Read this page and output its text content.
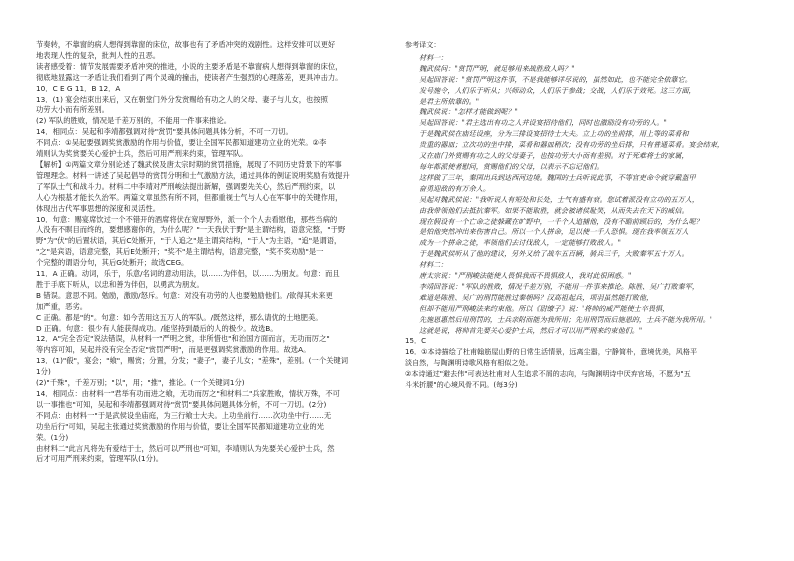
节奏转，不靠窗的病人想得到靠窗的床位，故事也有了矛盾冲突的戏剧性。这样安排可以更好
地表现人性的复杂，批判人性的丑恶。
读者感受着：情节发展需要矛盾冲突的推进，小说的主要矛盾是不靠窗病人想得到靠窗的床位，
彻底地显露这一矛盾让我们看到了两个灵魂的撞击，使读者产生强烈的心理落差，更具冲击力。
10．C E G 11．B 12．A
13．(1) 宴会结束出来后，又在朝堂门外分发赏赐给有功之人的父母、妻子与儿女，也按照
功劳大小而有所差别。
(2) 军队的胜败，情况是千差万别的，不能用一件事来推论。
14．相同点：吴起和李靖都强调对待"赏罚"要具体问题具体分析，不可一刀切。
不同点：①吴起要强调奖赏激励的作用与价值，要让全国军民都知道建功立业的光荣。②李
靖则认为奖赏要关心爱护士兵，然后可用严刑来约束，管理军队。
【解析】①两篇文章分别论述了魏武侯及唐太宗时期的赏罚措施，展现了不同历史背景下的军事
管理理念。材料一讲述了吴起倡导的赏罚分明和士气激励方法，通过具体的例证说明奖励有效提升
了军队士气和战斗力。材料二中李靖对严刑峻法提出新解，强调要先关心，然后严刑约束，以
人心为根基才能长久治军。两篇文章虽然有所不同，但都重视士气与人心在军事中的关键作用，
体现出古代军事思想的深度和灵活性。
10．句意：赐宴席饮过一个不错开的酒席将伏在宽厚野外，派一个个人去看慰他，那些当病的
人没有不瞑目而终的，要想感谢你的，为什么呢？"一天我伏于野"是主谓结构，语意完整，"于野
野"为"伏"的后置状语，其后C处断开，"于人追之"是主谓宾结构，"于人"为主语，"追"是谓语，
"之"是宾语，语意完整，其后E处断开；"奖不"是主谓结构，语意完整，"奖不奖劝励"是一
个完整的谓语分句，其后G处断开；故选CEG。
11．A 正确。动词，乐于，乐意/名词的意动用法，以……为伴侣，以……为朋友。句意：而且
胜于手底下听从，以忠和善为伴侣，以勇武为朋友。
B 错误。意思不同。勉励，激励/怒斥。句意：对没有功劳的人也要勉励他们。/欲得其未来更
加严重，恶劣。
C 正确。都是"的"。句意：如今苦用这五万人的军队。/既然这样，那么请优的土地肥美。
D 正确。句意：很少有人能获得成功。/能坚持到最后的人的极少。故选B。
12．A"完全否定"说法错误，从材料一"严明之赏，非所惜也"和治国方面而言，无功而厉之"
等内容可知，吴起并没有完全否定"赏罚严明"，而是更强调奖赏激励的作用。故选A。
13．(1)"殽"，宴会；"飨"，赐赏；分置，分发；"妻子"，妻子儿女；"差殊"，差别。(一个关键词
1分)
(2)"千殊"，千差万别；"以"，用；"推"，推论。(一个关键词1分)
14．相同点：由材料一"君举有功而进之飨，无功而厉之"和材料二"兵家胜败，情状万殊，不可
以一事推也"可知，吴起和李靖都强调对待"赏罚"要具体问题具体分析，不可一刀切。(2分)
不同点：由材料一"于是武侯设坐庙庭，为三行飨士大夫。上功坐前行……次功坐中行……无
功坐后行"可知，吴起主张通过奖赏激励的作用与价值，要让全国军民都知道建功立业的光
荣。(1分)
由材料二"此言凡将先有爱结于士，然后可以严刑也"可知，李靖则认为先要关心爱护士兵，然
后才可用严刑来约束，管理军队(1分)。
参考译文：
材料一：
魏武侯问："赏罚严明，就足够用来战胜敌人吗？"
吴起回答说："赏罚严明这件事，不是我能够详尽说的，虽然如此，也不能完全依靠它。
发号施令，人们乐于听从；兴师动众，人们乐于参战；交战，人们乐于效死。这三方面，
是君主所依靠的。"
魏武侯说："怎样才能做到呢？"
吴起回答说："君主选出有功之人并设宴招待他们，同时也激励没有功劳的人。"
于是魏武侯在庙廷设座，分为三排设宴招待士大夫。立上功的坐前排，用上等的菜肴和
贵重的器皿；立次功的坐中排，菜肴和器皿稍次；没有功劳的坐后排，只有普通菜肴。宴会结束，
又在庙门外赏赐有功之人的父母妻子，也按功劳大小而有差别。对于死难将士的家属，
每年都派使者慰问，赏赐他们的父母，以表示不忘记他们。
这样做了三年，秦国出兵到达西河边境。魏国的士兵听说此事，不等官吏命令就穿戴盔甲
奋勇迎敌的有万余人。
吴起对魏武侯说："我听说人有短处和长处，士气有盛有衰。您试着派没有立功的五万人，
由我带领他们去抵抗秦军。如果不能取胜，就会被诸侯耻笑，从而失去在天下的威信。
现在假设有一个亡命之徒躲藏在旷野中，一千个人追捕他，没有不瞻前顾后的，为什么呢？
是怕他突然冲出来伤害自己。所以一个人拼命，足以使一千人恐惧。现在我率领五万人
成为一个拼命之徒，率领他们去讨伐敌人，一定能够打败敌人。"
于是魏武侯听从了他的建议，另外又给了战车五百辆，骑兵三千，大败秦军五十万人。
材料二：
唐太宗说："严刑峻法能使人畏惧我而不畏惧敌人，我对此很困惑。"
李靖回答说："军队的胜败，情况千差万别，不能用一件事来推论。陈胜、吴广打败秦军，
难道是陈胜、吴广的刑罚能胜过秦朝吗？汉高祖起兵，项羽虽然能打败他，
但却不能用严刑峻法来约束他。所以《尉缭子》说：'将帅的威严能使士卒畏惧，
先施恩惠然后用刑罚的，士兵亲附而能为我所用；先用刑罚而后施恩的，士兵不能为我所用。'
这就是说，将帅首先要关心爱护士兵，然后才可以用严刑来约束他们。"
15．C
16．①本诗描绘了杜甫翰筋屋山野的日常生活情景，远离尘嚣，宁静简朴，意境优美，风格平
淡自然，与陶渊明诗歌风格有相似之处。
②本诗通过"避去伟"可表达杜甫对人生追求不屑的志向，与陶渊明诗中厌弃官场，不愿为"五
斗米折腰"的心境风骨不同。(每3分)
